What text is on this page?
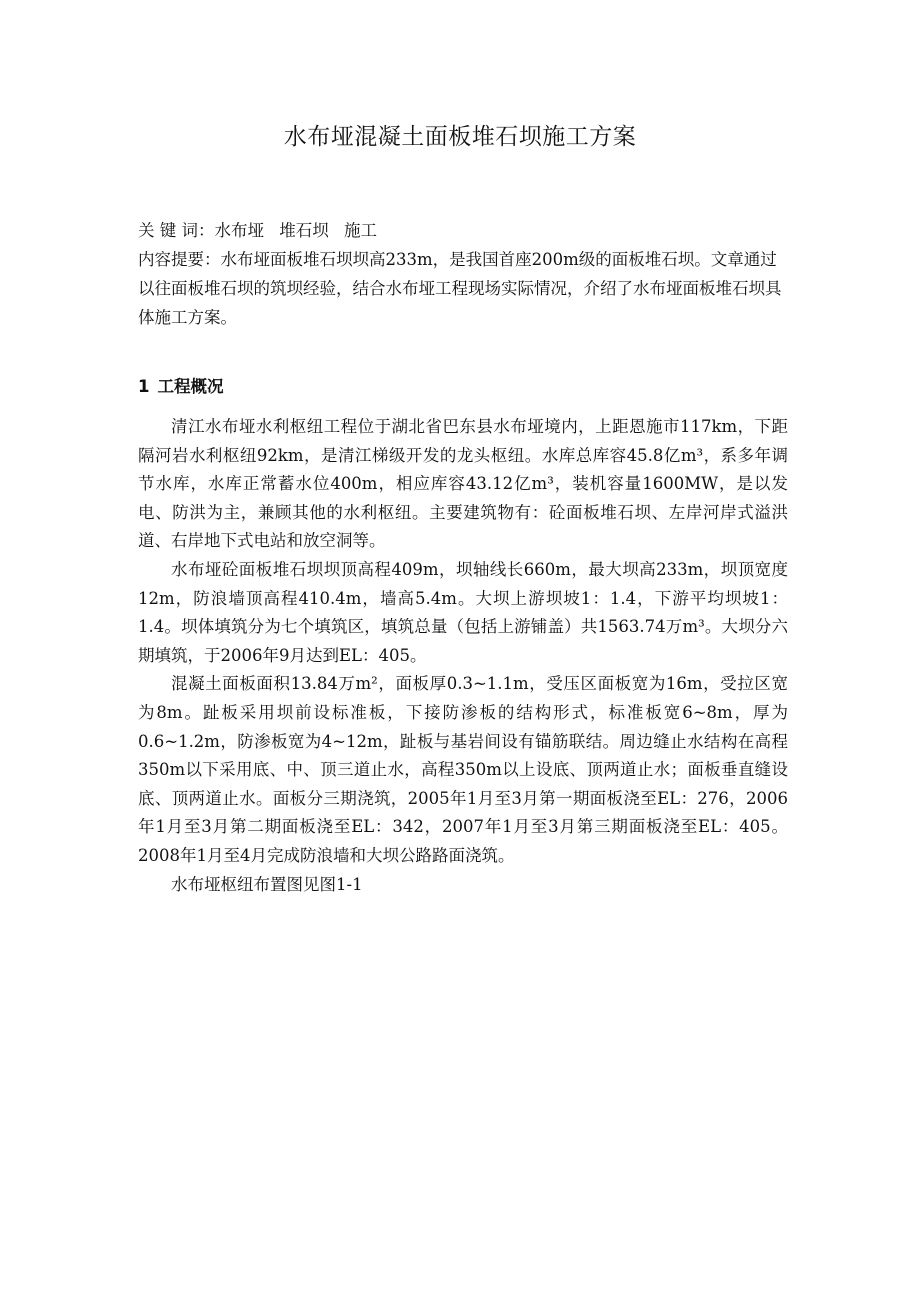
水布垭混凝土面板堆石坝施工方案
关 键 词：水布垭 堆石坝 施工
内容提要：水布垭面板堆石坝坝高233m，是我国首座200m级的面板堆石坝。文章通过以往面板堆石坝的筑坝经验，结合水布垭工程现场实际情况，介绍了水布垭面板堆石坝具体施工方案。
1 工程概况

清江水布垭水利枢纽工程位于湖北省巴东县水布垭境内，上距恩施市117km，下距隔河岩水利枢纽92km，是清江梯级开发的龙头枢纽。水库总库容45.8亿m³，系多年调节水库，水库正常蓄水位400m，相应库容43.12亿m³，装机容量1600MW，是以发电、防洪为主，兼顾其他的水利枢纽。主要建筑物有：砼面板堆石坝、左岸河岸式溢洪道、右岸地下式电站和放空洞等。

水布垭砼面板堆石坝坝顶高程409m，坝轴线长660m，最大坝高233m，坝顶宽度12m，防浪墙顶高程410.4m，墙高5.4m。大坝上游坝坡1：1.4，下游平均坝坡1：1.4。坝体填筑分为七个填筑区，填筑总量（包括上游铺盖）共1563.74万m³。大坝分六期填筑，于2006年9月达到EL：405。

混凝土面板面积13.84万m²，面板厚0.3~1.1m，受压区面板宽为16m，受拉区宽为8m。趾板采用坝前设标准板，下接防渗板的结构形式，标准板宽6~8m，厚为0.6~1.2m，防渗板宽为4~12m，趾板与基岩间设有锚筋联结。周边缝止水结构在高程350m以下采用底、中、顶三道止水，高程350m以上设底、顶两道止水；面板垂直缝设底、顶两道止水。面板分三期浇筑，2005年1月至3月第一期面板浇至EL：276，2006年1月至3月第二期面板浇至EL：342，2007年1月至3月第三期面板浇至EL：405。2008年1月至4月完成防浪墙和大坝公路路面浇筑。

水布垭枢纽布置图见图1-1
